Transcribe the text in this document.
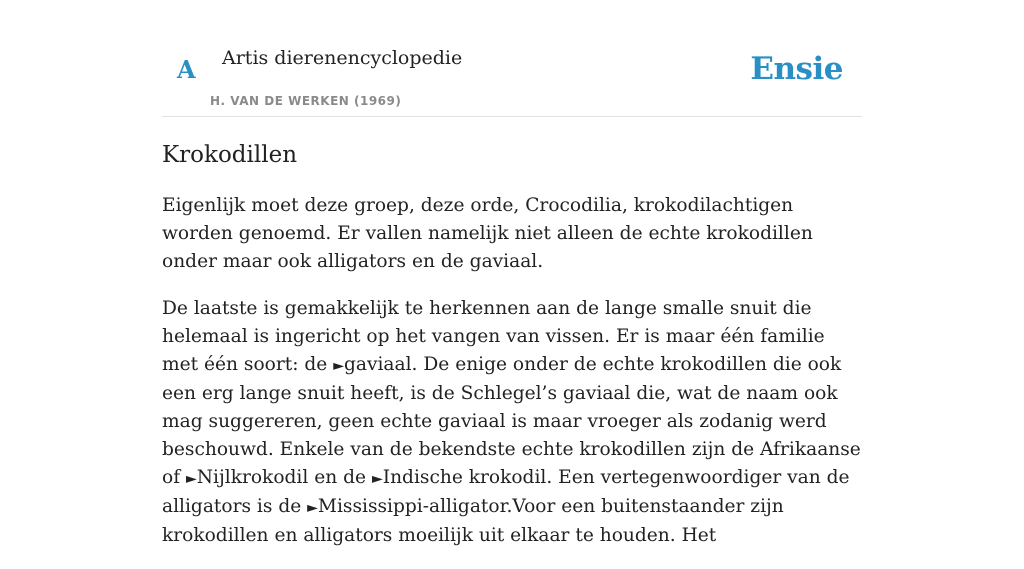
A Artis dierenencyclopedie
H. VAN DE WERKEN (1969)
Ensie
Krokodillen

Eigenlijk moet deze groep, deze orde, Crocodilia, krokodilachtigen worden genoemd. Er vallen namelijk niet alleen de echte krokodillen onder maar ook alligators en de gaviaal.

De laatste is gemakkelijk te herkennen aan de lange smalle snuit die helemaal is ingericht op het vangen van vissen. Er is maar één familie met één soort: de ►gaviaal. De enige onder de echte krokodillen die ook een erg lange snuit heeft, is de Schlegel’s gaviaal die, wat de naam ook mag suggereren, geen echte gaviaal is maar vroeger als zodanig werd beschouwd. Enkele van de bekendste echte krokodillen zijn de Afrikaanse of ►Nijlkrokodil en de ►Indische krokodil. Een vertegenwoordiger van de alligators is de ►Mississippi-alligator.Voor een buitenstaander zijn krokodillen en alligators moeilijk uit elkaar te houden. Het
